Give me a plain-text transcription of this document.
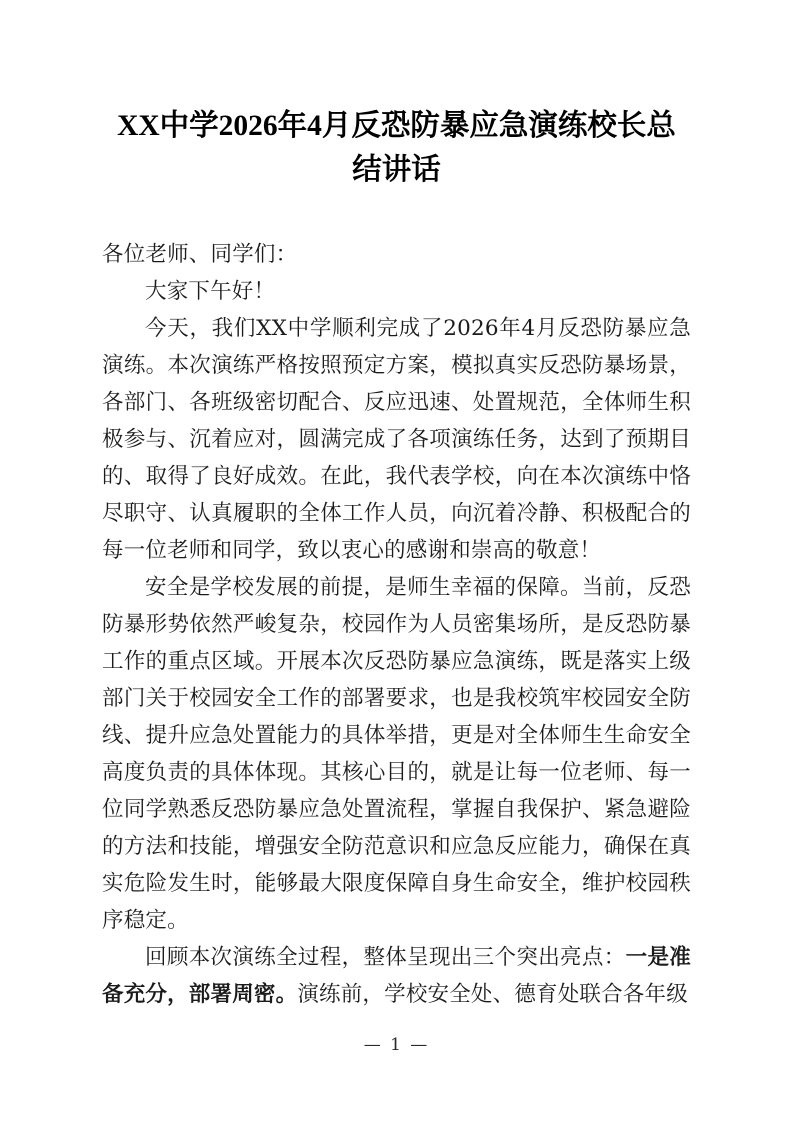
XX中学2026年4月反恐防暴应急演练校长总结讲话

各位老师、同学们：

大家下午好！

今天，我们XX中学顺利完成了2026年4月反恐防暴应急演练。本次演练严格按照预定方案，模拟真实反恐防暴场景，各部门、各班级密切配合、反应迅速、处置规范，全体师生积极参与、沉着应对，圆满完成了各项演练任务，达到了预期目的、取得了良好成效。在此，我代表学校，向在本次演练中恪尽职守、认真履职的全体工作人员，向沉着冷静、积极配合的每一位老师和同学，致以衷心的感谢和崇高的敬意！

安全是学校发展的前提，是师生幸福的保障。当前，反恐防暴形势依然严峻复杂，校园作为人员密集场所，是反恐防暴工作的重点区域。开展本次反恐防暴应急演练，既是落实上级部门关于校园安全工作的部署要求，也是我校筑牢校园安全防线、提升应急处置能力的具体举措，更是对全体师生生命安全高度负责的具体体现。其核心目的，就是让每一位老师、每一位同学熟悉反恐防暴应急处置流程，掌握自我保护、紧急避险的方法和技能，增强安全防范意识和应急反应能力，确保在真实危险发生时，能够最大限度保障自身生命安全，维护校园秩序稳定。

回顾本次演练全过程，整体呈现出三个突出亮点：一是准备充分，部署周密。演练前，学校安全处、德育处联合各年级

— 1 —
